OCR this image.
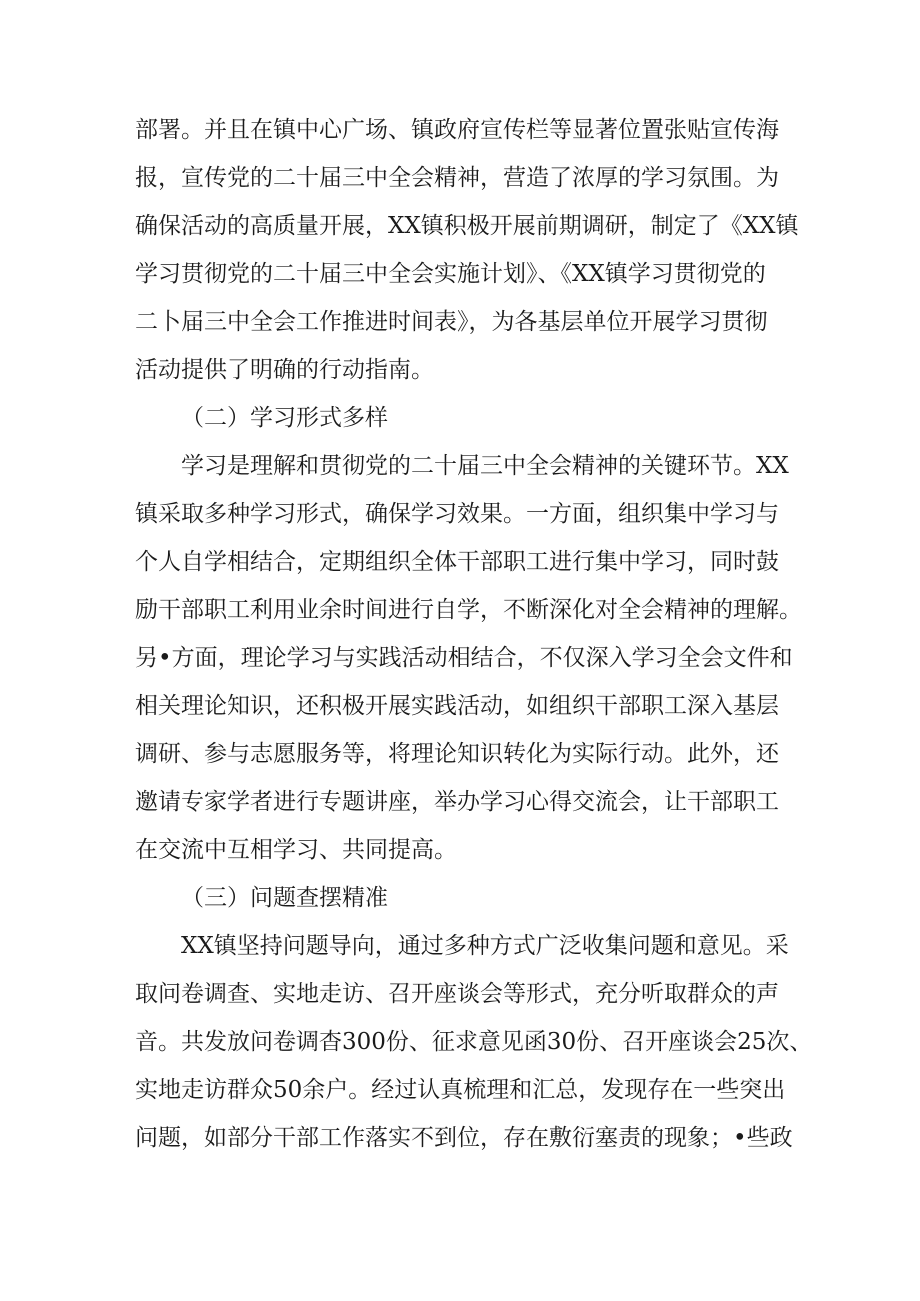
部署。并且在镇中心广场、镇政府宣传栏等显著位置张贴宣传海
报，宣传党的二十届三中全会精神，营造了浓厚的学习氛围。为
确保活动的高质量开展，XX镇积极开展前期调研，制定了《XX镇
学习贯彻党的二十届三中全会实施计划》、《XX镇学习贯彻党的
二卜届三中全会工作推进时间表》，为各基层单位开展学习贯彻
活动提供了明确的行动指南。
（二）学习形式多样
学习是理解和贯彻党的二十届三中全会精神的关键环节。XX
镇采取多种学习形式，确保学习效果。一方面，组织集中学习与
个人自学相结合，定期组织全体干部职工进行集中学习，同时鼓
励干部职工利用业余时间进行自学，不断深化对全会精神的理解。
另•方面，理论学习与实践活动相结合，不仅深入学习全会文件和
相关理论知识，还积极开展实践活动，如组织干部职工深入基层
调研、参与志愿服务等，将理论知识转化为实际行动。此外，还
邀请专家学者进行专题讲座，举办学习心得交流会，让干部职工
在交流中互相学习、共同提高。
（三）问题查摆精准
XX镇坚持问题导向，通过多种方式广泛收集问题和意见。采
取问卷调查、实地走访、召开座谈会等形式，充分听取群众的声
音。共发放问卷调杳300份、征求意见函30份、召开座谈会25次、
实地走访群众50余户。经过认真梳理和汇总，发现存在一些突出
问题，如部分干部工作落实不到位，存在敷衍塞责的现象；•些政
